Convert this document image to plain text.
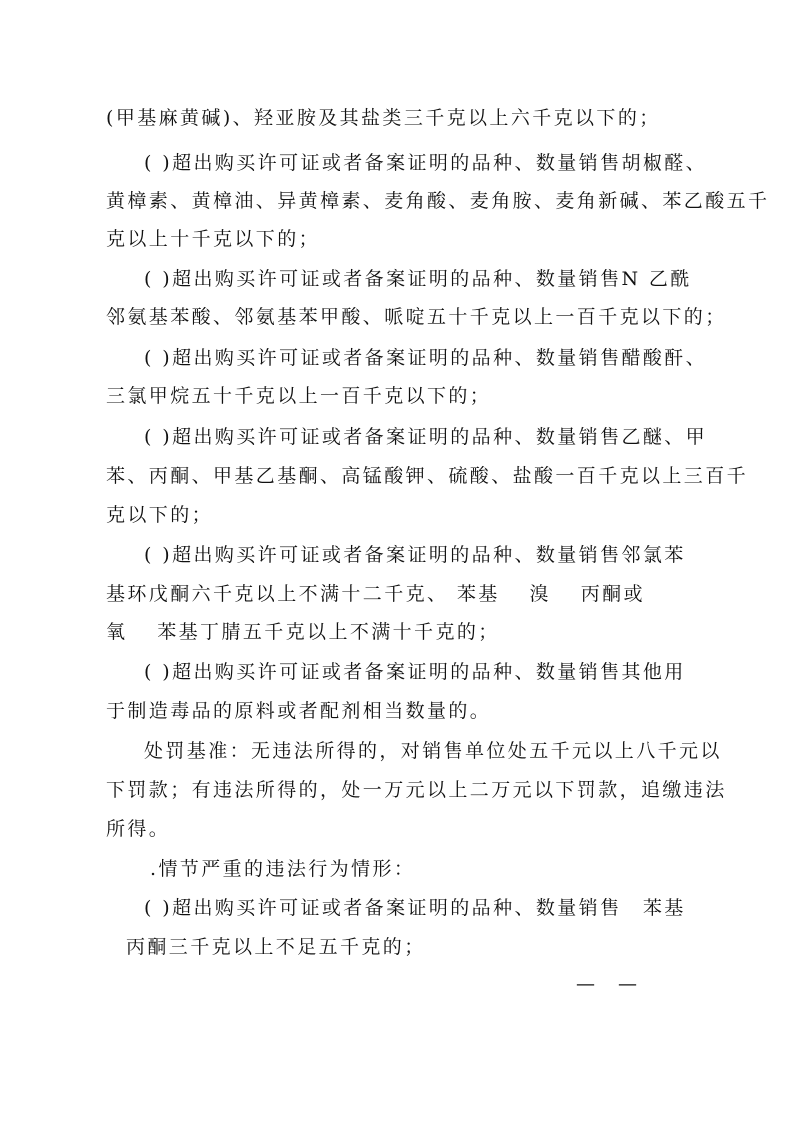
(甲基麻黄碱)、羟亚胺及其盐类三千克以上六千克以下的；
( )超出购买许可证或者备案证明的品种、数量销售胡椒醛、
黄樟素、黄樟油、异黄樟素、麦角酸、麦角胺、麦角新碱、苯乙酸五千
克以上十千克以下的；
( )超出购买许可证或者备案证明的品种、数量销售N 乙酰
邻氨基苯酸、邻氨基苯甲酸、哌啶五十千克以上一百千克以下的；
( )超出购买许可证或者备案证明的品种、数量销售醋酸酐、
三氯甲烷五十千克以上一百千克以下的；
( )超出购买许可证或者备案证明的品种、数量销售乙醚、甲
苯、丙酮、甲基乙基酮、高锰酸钾、硫酸、盐酸一百千克以上三百千
克以下的；
( )超出购买许可证或者备案证明的品种、数量销售邻氯苯
基环戊酮六千克以上不满十二千克、 苯基　 溴　 丙酮或
氧　 苯基丁腈五千克以上不满十千克的；
( )超出购买许可证或者备案证明的品种、数量销售其他用
于制造毒品的原料或者配剂相当数量的。
处罚基准：无违法所得的，对销售单位处五千元以上八千元以
下罚款；有违法所得的，处一万元以上二万元以下罚款，追缴违法
所得。
.情节严重的违法行为情形：
( )超出购买许可证或者备案证明的品种、数量销售　苯基
丙酮三千克以上不足五千克的；
—　—
